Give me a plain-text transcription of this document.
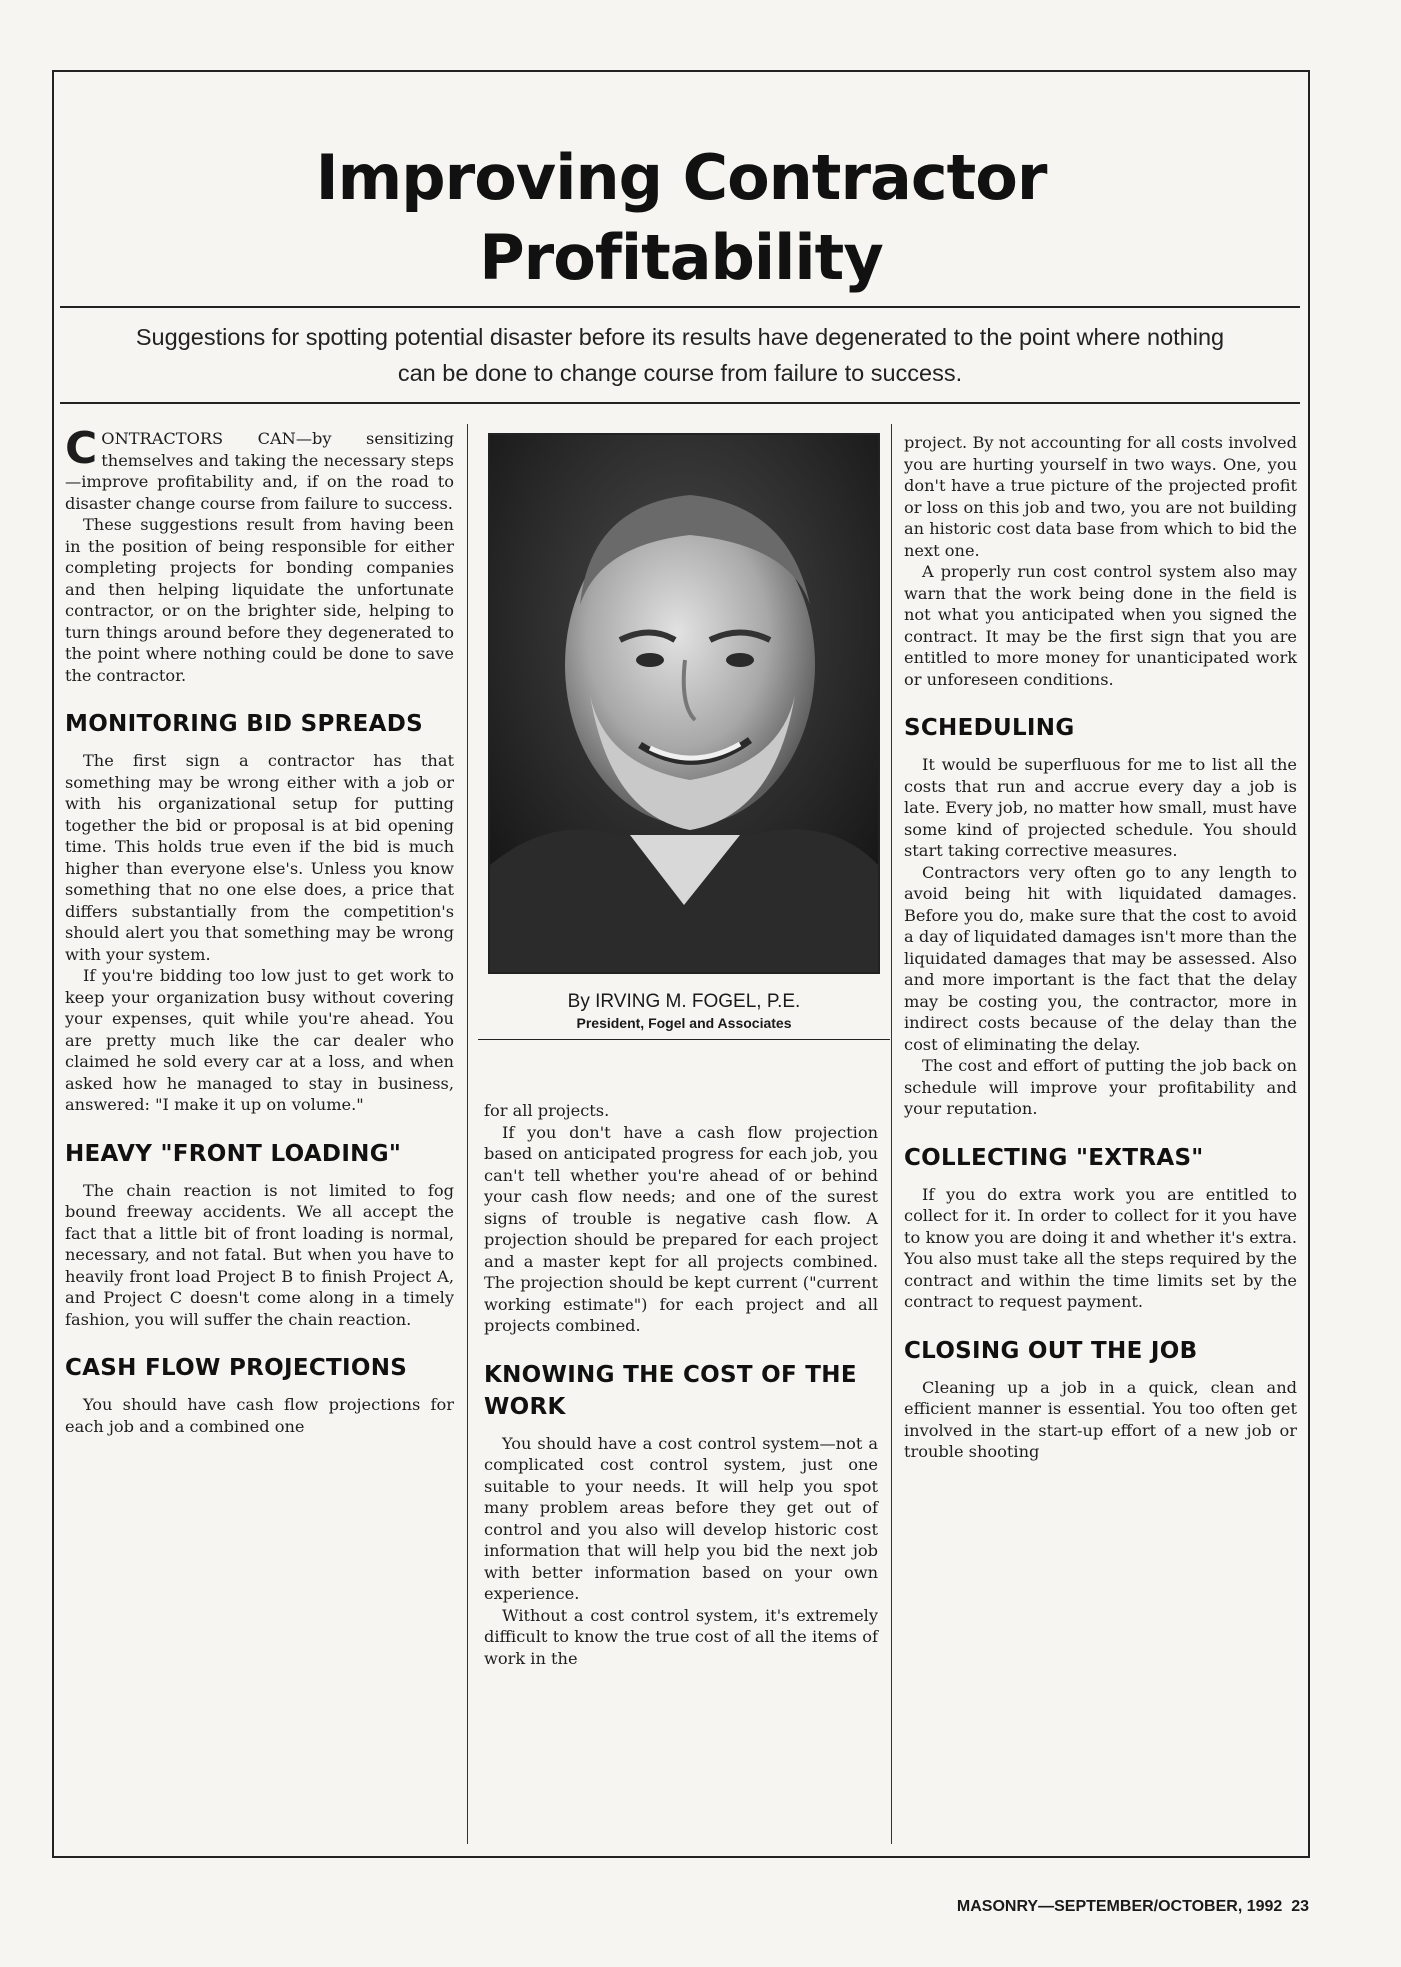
Improving Contractor
Profitability

Suggestions for spotting potential disaster before its results have degenerated to the point where nothing can be done to change course from failure to success.

CONTRACTORS CAN—by sensitizing themselves and taking the necessary steps—improve profitability and, if on the road to disaster change course from failure to success.

These suggestions result from having been in the position of being responsible for either completing projects for bonding companies and then helping liquidate the unfortunate contractor, or on the brighter side, helping to turn things around before they degenerated to the point where nothing could be done to save the contractor.

MONITORING BID SPREADS

The first sign a contractor has that something may be wrong either with a job or with his organizational setup for putting together the bid or proposal is at bid opening time. This holds true even if the bid is much higher than everyone else's. Unless you know something that no one else does, a price that differs substantially from the competition's should alert you that something may be wrong with your system.

If you're bidding too low just to get work to keep your organization busy without covering your expenses, quit while you're ahead. You are pretty much like the car dealer who claimed he sold every car at a loss, and when asked how he managed to stay in business, answered: "I make it up on volume."

HEAVY "FRONT LOADING"

The chain reaction is not limited to fog bound freeway accidents. We all accept the fact that a little bit of front loading is normal, necessary, and not fatal. But when you have to heavily front load Project B to finish Project A, and Project C doesn't come along in a timely fashion, you will suffer the chain reaction.

CASH FLOW PROJECTIONS

You should have cash flow projections for each job and a combined one

By IRVING M. FOGEL, P.E.
President, Fogel and Associates

for all projects.

If you don't have a cash flow projection based on anticipated progress for each job, you can't tell whether you're ahead of or behind your cash flow needs; and one of the surest signs of trouble is negative cash flow. A projection should be prepared for each project and a master kept for all projects combined. The projection should be kept current ("current working estimate") for each project and all projects combined.

KNOWING THE COST OF THE WORK

You should have a cost control system—not a complicated cost control system, just one suitable to your needs. It will help you spot many problem areas before they get out of control and you also will develop historic cost information that will help you bid the next job with better information based on your own experience.

Without a cost control system, it's extremely difficult to know the true cost of all the items of work in the

project. By not accounting for all costs involved you are hurting yourself in two ways. One, you don't have a true picture of the projected profit or loss on this job and two, you are not building an historic cost data base from which to bid the next one.

A properly run cost control system also may warn that the work being done in the field is not what you anticipated when you signed the contract. It may be the first sign that you are entitled to more money for unanticipated work or unforeseen conditions.

SCHEDULING

It would be superfluous for me to list all the costs that run and accrue every day a job is late. Every job, no matter how small, must have some kind of projected schedule. You should start taking corrective measures.

Contractors very often go to any length to avoid being hit with liquidated damages. Before you do, make sure that the cost to avoid a day of liquidated damages isn't more than the liquidated damages that may be assessed. Also and more important is the fact that the delay may be costing you, the contractor, more in indirect costs because of the delay than the cost of eliminating the delay.

The cost and effort of putting the job back on schedule will improve your profitability and your reputation.

COLLECTING "EXTRAS"

If you do extra work you are entitled to collect for it. In order to collect for it you have to know you are doing it and whether it's extra. You also must take all the steps required by the contract and within the time limits set by the contract to request payment.

CLOSING OUT THE JOB

Cleaning up a job in a quick, clean and efficient manner is essential. You too often get involved in the start-up effort of a new job or trouble shooting

MASONRY—SEPTEMBER/OCTOBER, 1992 23
